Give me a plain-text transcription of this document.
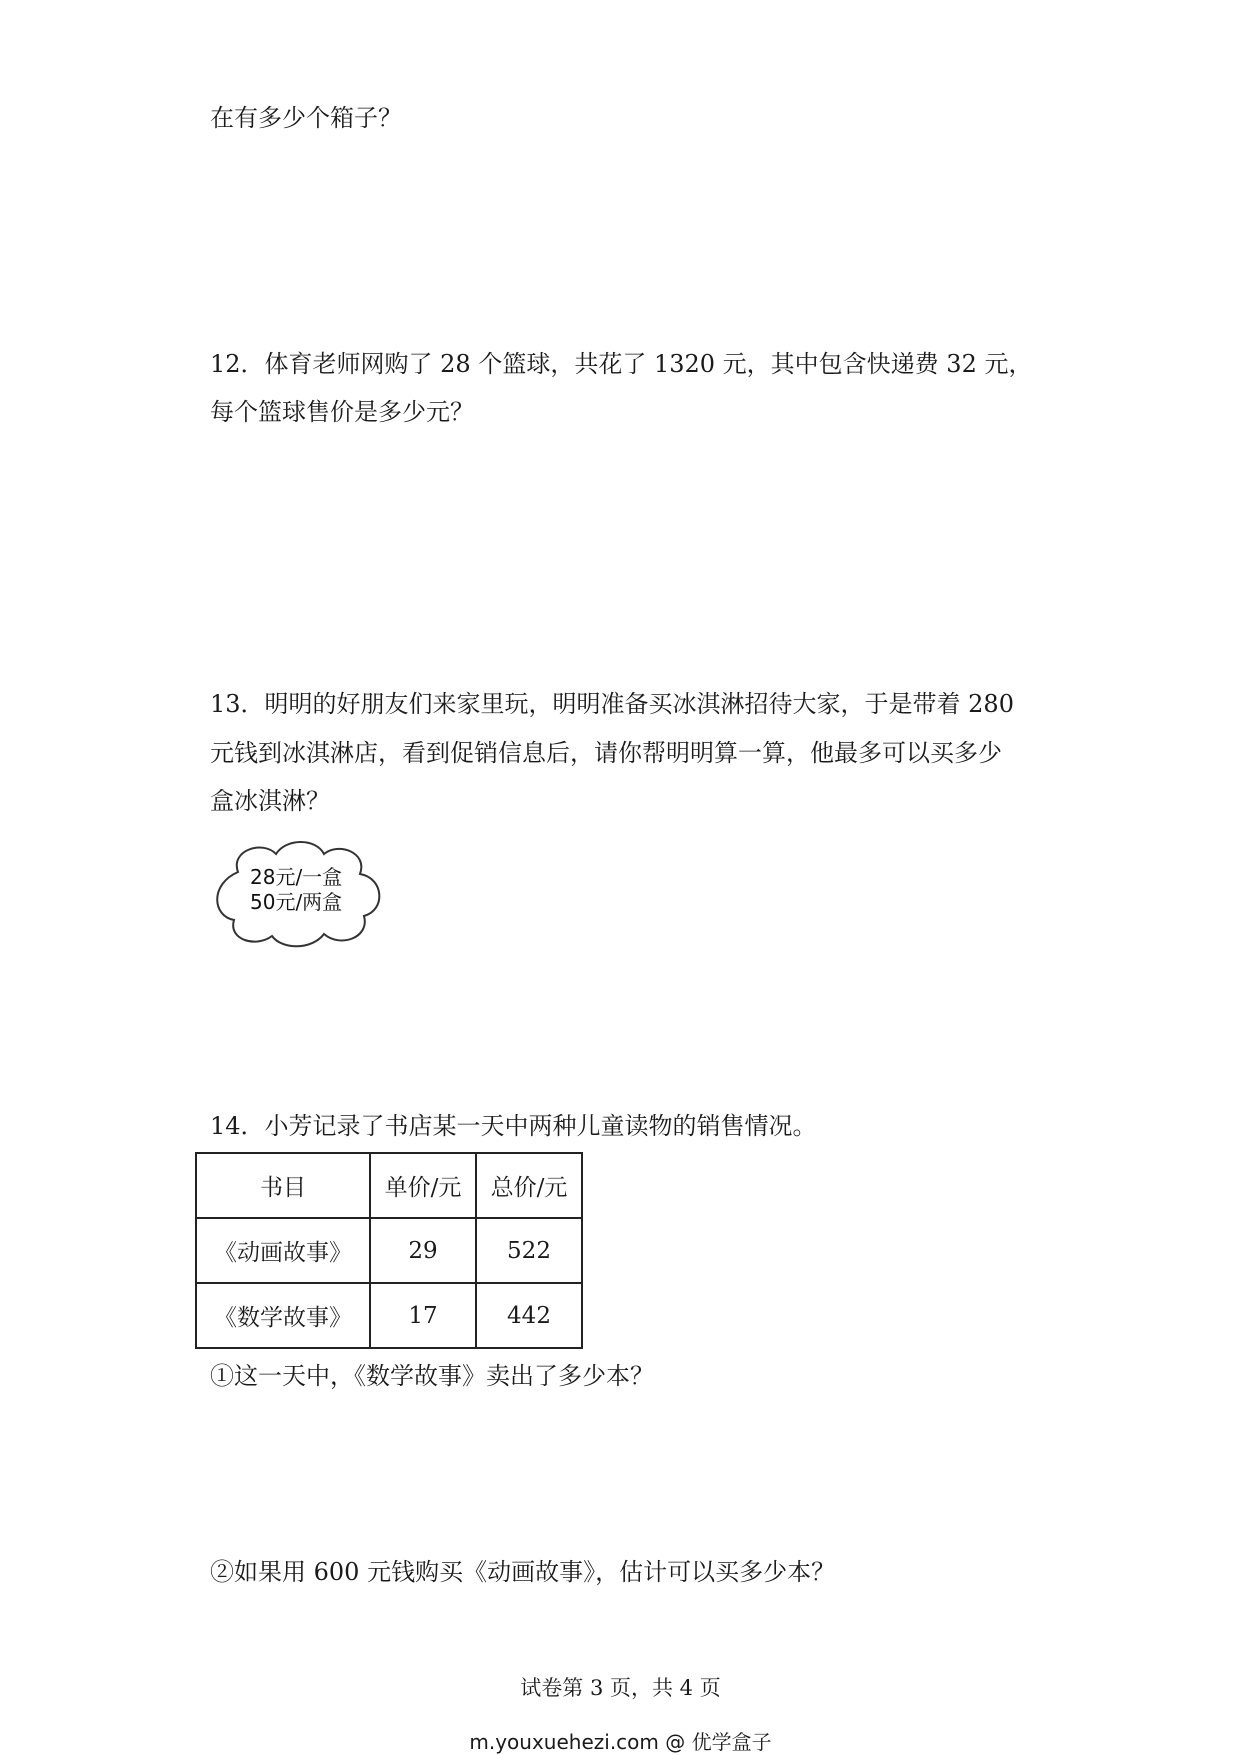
在有多少个箱子？
12．体育老师网购了 28 个篮球，共花了 1320 元，其中包含快递费 32 元，
每个篮球售价是多少元？
13．明明的好朋友们来家里玩，明明准备买冰淇淋招待大家，于是带着 280
元钱到冰淇淋店，看到促销信息后，请你帮明明算一算，他最多可以买多少
盒冰淇淋？
28元/一盒
50元/两盒
14．小芳记录了书店某一天中两种儿童读物的销售情况。
书目	单价/元	总价/元
《动画故事》	29	522
《数学故事》	17	442
①这一天中，《数学故事》卖出了多少本？
②如果用 600 元钱购买《动画故事》，估计可以买多少本？
试卷第 3 页，共 4 页
m.youxuehezi.com @ 优学盒子
